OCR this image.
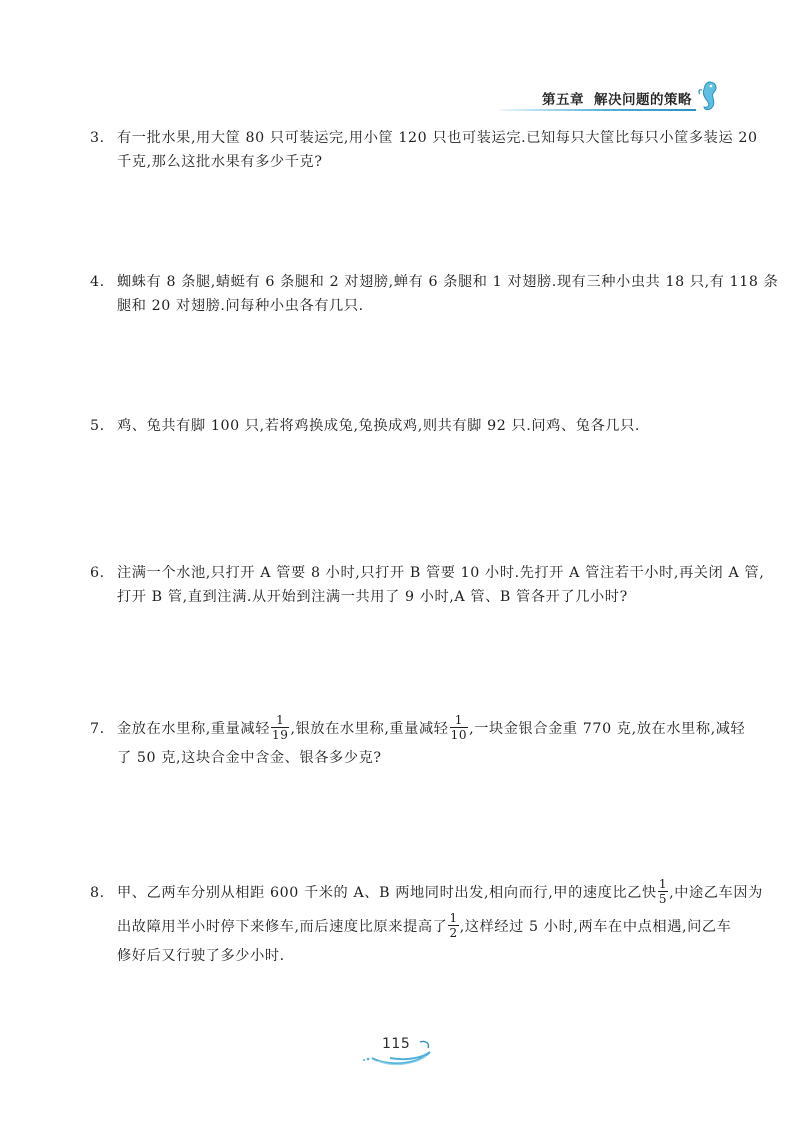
第五章 解决问题的策略
3. 有一批水果,用大筐 80 只可装运完,用小筐 120 只也可装运完.已知每只大筐比每只小筐多装运 20
千克,那么这批水果有多少千克?
4. 蜘蛛有 8 条腿,蜻蜓有 6 条腿和 2 对翅膀,蝉有 6 条腿和 1 对翅膀.现有三种小虫共 18 只,有 118 条
腿和 20 对翅膀.问每种小虫各有几只.
5. 鸡、兔共有脚 100 只,若将鸡换成兔,兔换成鸡,则共有脚 92 只.问鸡、兔各几只.
6. 注满一个水池,只打开 A 管要 8 小时,只打开 B 管要 10 小时.先打开 A 管注若干小时,再关闭 A 管,
打开 B 管,直到注满.从开始到注满一共用了 9 小时,A 管、B 管各开了几小时?
7. 金放在水里称,重量减轻 $\frac{1}{19}$ ,银放在水里称,重量减轻 $\frac{1}{10}$ ,一块金银合金重 770 克,放在水里称,减轻
了 50 克,这块合金中含金、银各多少克?
8. 甲、乙两车分别从相距 600 千米的 A、B 两地同时出发,相向而行,甲的速度比乙快 $\frac{1}{5}$ ,中途乙车因为
出故障用半小时停下来修车,而后速度比原来提高了 $\frac{1}{2}$ ,这样经过 5 小时,两车在中点相遇,问乙车
修好后又行驶了多少小时.
115
